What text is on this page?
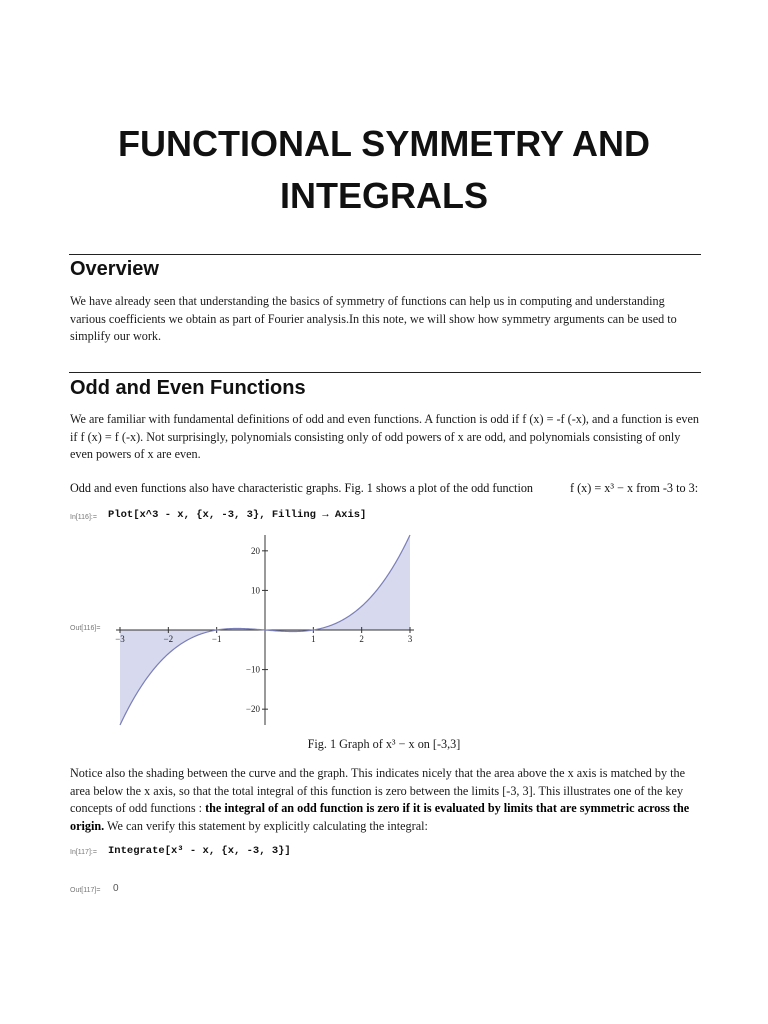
FUNCTIONAL SYMMETRY AND
INTEGRALS
Overview
We have already seen that understanding the basics of symmetry of functions can help us in computing and understanding various coefficients we obtain as part of Fourier analysis.In this note, we will show how symmetry arguments can be used to simplify our work.
Odd and Even Functions
We are familiar with fundamental definitions of odd and even functions. A function is odd if f (x) = -f (-x), and a function is even if f (x) = f (-x). Not surprisingly, polynomials consisting only of odd powers of x are odd, and polynomials consisting of only even powers of x are even.
Odd and even functions also have characteristic graphs. Fig. 1 shows a plot of the odd function	f (x) = x³ − x from -3 to 3:
In[116]:= Plot[x^3 - x, {x, -3, 3}, Filling → Axis]
Out[116]=
−3	−2	−1	1	2	3
−20
−10
10
20
Fig. 1 Graph of x³ − x on [-3,3]
Notice also the shading between the curve and the graph. This indicates nicely that the area above the x axis is matched by the area below the x axis, so that the total integral of this function is zero between the limits [-3, 3]. This illustrates one of the key concepts of odd functions : the integral of an odd function is zero if it is evaluated by limits that are symmetric across the origin. We can verify this statement by explicitly calculating the integral:
In[117]:= Integrate[x³ - x, {x, -3, 3}]
Out[117]= 0
